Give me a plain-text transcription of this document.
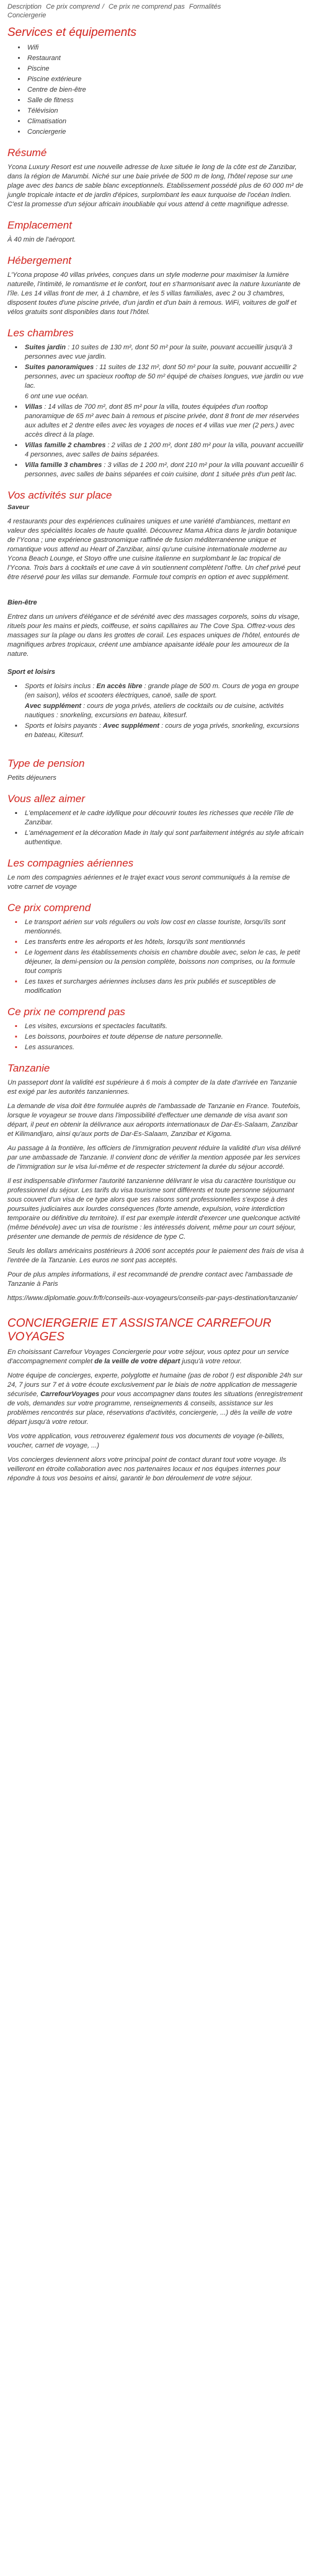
Description Ce prix comprend / Ce prix ne comprend pas Formalités
Conciergerie
Services et équipements
• Wifi
• Restaurant
• Piscine
• Piscine extérieure
• Centre de bien-être
• Salle de fitness
• Télévision
• Climatisation
• Conciergerie
Résumé

Ycona Luxury Resort est une nouvelle adresse de luxe située le long de la côte est de Zanzibar, dans la région de Marumbi. Niché sur une baie privée de 500 m de long, l'hôtel repose sur une plage avec des bancs de sable blanc exceptionnels. Etablissement possédé plus de 60 000 m² de jungle tropicale intacte et de jardin d'épices, surplombant les eaux turquoise de l'océan Indien. C'est la promesse d'un séjour africain inoubliable qui vous attend à cette magnifique adresse.

Emplacement

À 40 min de l'aéroport.

Hébergement

L'Ycona propose 40 villas privées, conçues dans un style moderne pour maximiser la lumière naturelle, l'intimité, le romantisme et le confort, tout en s'harmonisant avec la nature luxuriante de l'île. Les 14 villas front de mer, à 1 chambre, et les 5 villas familiales, avec 2 ou 3 chambres, disposent toutes d'une piscine privée, d'un jardin et d'un bain à remous. WiFi, voitures de golf et vélos gratuits sont disponibles dans tout l'hôtel.

Les chambres
▪ Suites jardin : 10 suites de 130 m², dont 50 m² pour la suite, pouvant accueillir jusqu'à 3 personnes avec vue jardin.
▪ Suites panoramiques : 11 suites de 132 m², dont 50 m² pour la suite, pouvant accueillir 2 personnes, avec un spacieux rooftop de 50 m² équipé de chaises longues, vue jardin ou vue lac.
6 ont une vue océan.
▪ Villas : 14 villas de 700 m², dont 85 m² pour la villa, toutes équipées d'un rooftop panoramique de 65 m² avec bain à remous et piscine privée, dont 8 front de mer réservées aux adultes et 2 dentre elles avec les voyages de noces et 4 villas vue mer (2 pers.) avec accès direct à la plage.
▪ Villas famille 2 chambres : 2 villas de 1 200 m², dont 180 m² pour la villa, pouvant accueillir 4 personnes, avec salles de bains séparées.
▪ Villa famille 3 chambres : 3 villas de 1 200 m², dont 210 m² pour la villa pouvant accueillir 6 personnes, avec salles de bains séparées et coin cuisine, dont 1 située près d'un petit lac.
Vos activités sur place
Saveur

4 restaurants pour des expériences culinaires uniques et une variété d'ambiances, mettant en valeur des spécialités locales de haute qualité. Découvrez Mama Africa dans le jardin botanique de l'Ycona ; une expérience gastronomique raffinée de fusion méditerranéenne unique et romantique vous attend au Heart of Zanzibar, ainsi qu'une cuisine internationale moderne au Ycona Beach Lounge, et Stoyo offre une cuisine italienne en surplombant le lac tropical de l'Ycona. Trois bars à cocktails et une cave à vin soutiennent complètent l'offre. Un chef privé peut être réservé pour les villas sur demande. Formule tout compris en option et avec supplément.

Bien-être

Entrez dans un univers d'élégance et de sérénité avec des massages corporels, soins du visage, rituels pour les mains et pieds, coiffeuse, et soins capillaires au The Cove Spa. Offrez-vous des massages sur la plage ou dans les grottes de corail. Les espaces uniques de l'hôtel, entourés de magnifiques arbres tropicaux, créent une ambiance apaisante idéale pour les amoureux de la nature.

Sport et loisirs
▪ Sports et loisirs inclus : En accès libre : grande plage de 500 m. Cours de yoga en groupe (en saison), vélos et scooters électriques, canoë, salle de sport.
Avec supplément : cours de yoga privés, ateliers de cocktails ou de cuisine, activités nautiques : snorkeling, excursions en bateau, kitesurf.
▪ Sports et loisirs payants : Avec supplément : cours de yoga privés, snorkeling, excursions en bateau, Kitesurf.
Type de pension

Petits déjeuners

Vous allez aimer
▪ L'emplacement et le cadre idyllique pour découvrir toutes les richesses que recèle l'île de Zanzibar.
▪ L'aménagement et la décoration Made in Italy qui sont parfaitement intégrés au style africain authentique.
Les compagnies aériennes

Le nom des compagnies aériennes et le trajet exact vous seront communiqués à la remise de votre carnet de voyage

Ce prix comprend
▪ Le transport aérien sur vols réguliers ou vols low cost en classe touriste, lorsqu'ils sont mentionnés.
▪ Les transferts entre les aéroports et les hôtels, lorsqu'ils sont mentionnés
▪ Le logement dans les établissements choisis en chambre double avec, selon le cas, le petit déjeuner, la demi-pension ou la pension complète, boissons non comprises, ou la formule tout compris
▪ Les taxes et surcharges aériennes incluses dans les prix publiés et susceptibles de modification
Ce prix ne comprend pas
▪ Les visites, excursions et spectacles facultatifs.
▪ Les boissons, pourboires et toute dépense de nature personnelle.
▪ Les assurances.
Tanzanie

Un passeport dont la validité est supérieure à 6 mois à compter de la date d'arrivée en Tanzanie est exigé par les autorités tanzaniennes.

La demande de visa doit être formulée auprès de l'ambassade de Tanzanie en France. Toutefois, lorsque le voyageur se trouve dans l'impossibilité d'effectuer une demande de visa avant son départ, il peut en obtenir la délivrance aux aéroports internationaux de Dar-Es-Salaam, Zanzibar et Kilimandjaro, ainsi qu'aux ports de Dar-Es-Salaam, Zanzibar et Kigoma.

Au passage à la frontière, les officiers de l'immigration peuvent réduire la validité d'un visa délivré par une ambassade de Tanzanie. Il convient donc de vérifier la mention apposée par les services de l'immigration sur le visa lui-même et de respecter strictement la durée du séjour accordé.

Il est indispensable d'informer l'autorité tanzanienne délivrant le visa du caractère touristique ou professionnel du séjour. Les tarifs du visa tourisme sont différents et toute personne séjournant sous couvert d'un visa de ce type alors que ses raisons sont professionnelles s'expose à des poursuites judiciaires aux lourdes conséquences (forte amende, expulsion, voire interdiction temporaire ou définitive du territoire). Il est par exemple interdit d'exercer une quelconque activité (même bénévole) avec un visa de tourisme : les intéressés doivent, même pour un court séjour, présenter une demande de permis de résidence de type C.

Seuls les dollars américains postérieurs à 2006 sont acceptés pour le paiement des frais de visa à l'entrée de la Tanzanie. Les euros ne sont pas acceptés.

Pour de plus amples informations, il est recommandé de prendre contact avec l'ambassade de Tanzanie à Paris

https://www.diplomatie.gouv.fr/fr/conseils-aux-voyageurs/conseils-par-pays-destination/tanzanie/

CONCIERGERIE ET ASSISTANCE CARREFOUR VOYAGES

En choisissant Carrefour Voyages Conciergerie pour votre séjour, vous optez pour un service d'accompagnement complet de la veille de votre départ jusqu'à votre retour.

Notre équipe de concierges, experte, polyglotte et humaine (pas de robot !) est disponible 24h sur 24, 7 jours sur 7 et à votre écoute exclusivement par le biais de notre application de messagerie sécurisée, CarrefourVoyages pour vous accompagner dans toutes les situations (enregistrement de vols, demandes sur votre programme, renseignements & conseils, assistance sur les problèmes rencontrés sur place, réservations d'activités, conciergerie, ...) dès la veille de votre départ jusqu'à votre retour.

Vos votre application, vous retrouverez également tous vos documents de voyage (e-billets, voucher, carnet de voyage, ...)

Vos concierges deviennent alors votre principal point de contact durant tout votre voyage. Ils veilleront en étroite collaboration avec nos partenaires locaux et nos équipes internes pour répondre à tous vos besoins et ainsi, garantir le bon déroulement de votre séjour.
